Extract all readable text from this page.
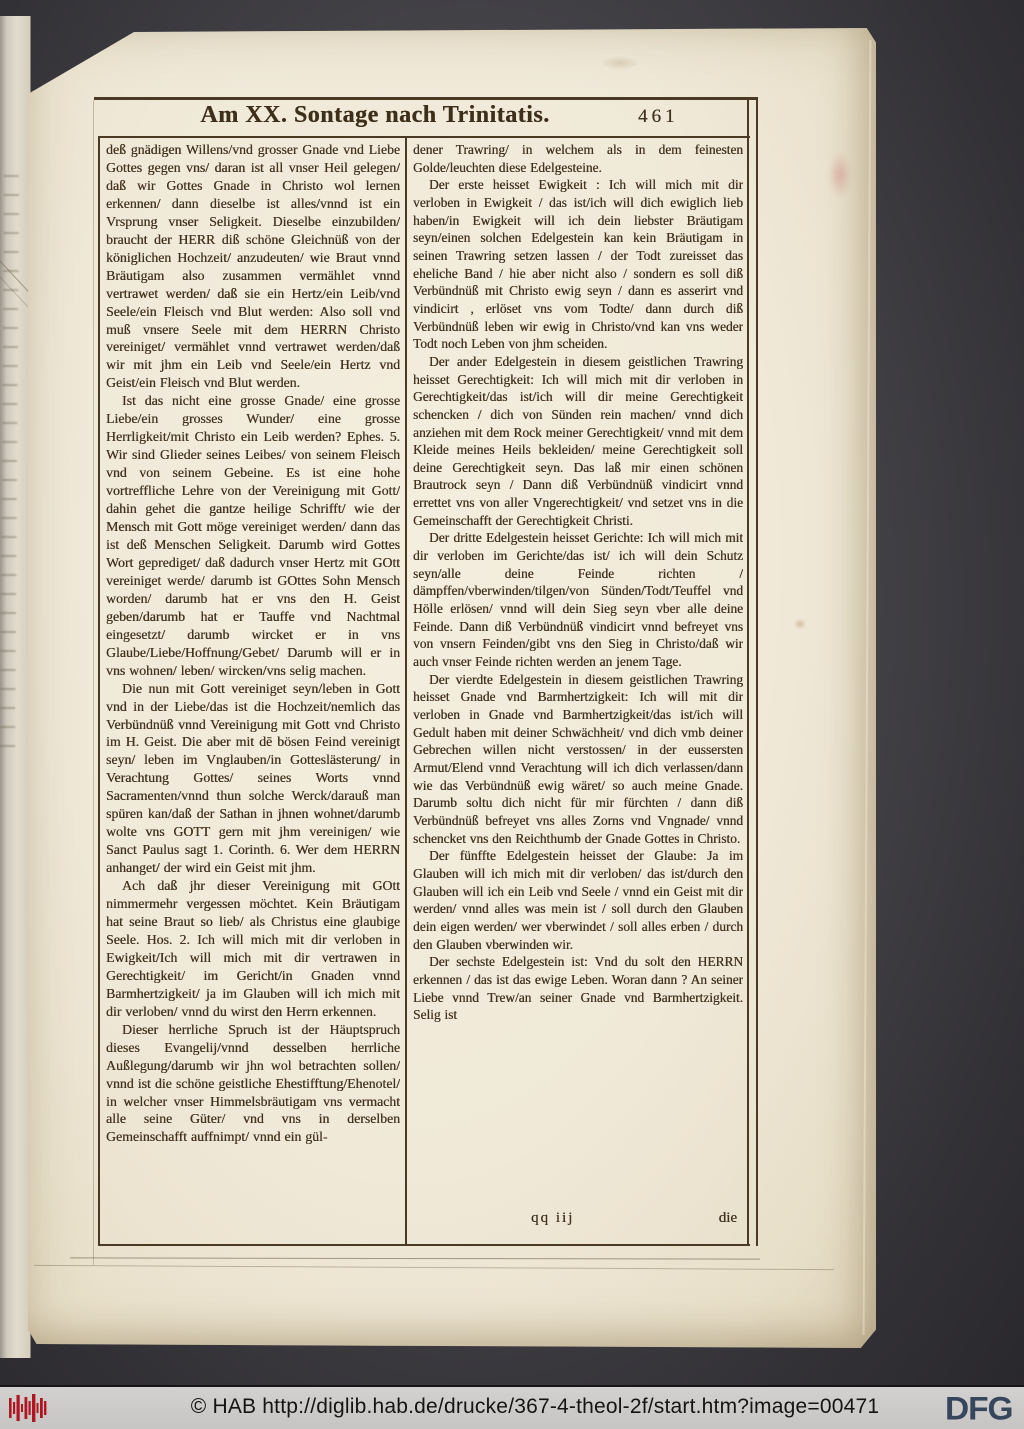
Am XX. Sontage nach Trinitatis.	461

deß gnädigen Willens/vnd grosser Gnade vnd Liebe Gottes gegen vns/ daran ist all vnser Heil gelegen/ daß wir Gottes Gnade in Christo wol lernen erkennen/ dann dieselbe ist alles/vnnd ist ein Vrsprung vnser Seligkeit. Dieselbe einzubilden/ braucht der HERR diß schöne Gleichnüß von der königlichen Hochzeit/ anzudeuten/ wie Braut vnnd Bräutigam also zusammen vermählet vnnd vertrawet werden/ daß sie ein Hertz/ein Leib/vnd Seele/ein Fleisch vnd Blut werden: Also soll vnd muß vnsere Seele mit dem HERRN Christo vereiniget/ vermählet vnnd vertrawet werden/daß wir mit jhm ein Leib vnd Seele/ein Hertz vnd Geist/ein Fleisch vnd Blut werden.

Ist das nicht eine grosse Gnade/ eine grosse Liebe/ein grosses Wunder/ eine grosse Herrligkeit/mit Christo ein Leib werden? Ephes. 5. Wir sind Glieder seines Leibes/ von seinem Fleisch vnd von seinem Gebeine. Es ist eine hohe vortreffliche Lehre von der Vereinigung mit Gott/ dahin gehet die gantze heilige Schrifft/ wie der Mensch mit Gott möge vereiniget werden/ dann das ist deß Menschen Seligkeit. Darumb wird Gottes Wort geprediget/ daß dadurch vnser Hertz mit GOtt vereiniget werde/ darumb ist GOttes Sohn Mensch worden/ darumb hat er vns den H. Geist geben/darumb hat er Tauffe vnd Nachtmal eingesetzt/ darumb wircket er in vns Glaube/Liebe/Hoffnung/Gebet/ Darumb will er in vns wohnen/ leben/ wircken/vns selig machen.

Die nun mit Gott vereiniget seyn/leben in Gott vnd in der Liebe/das ist die Hochzeit/nemlich das Verbündnüß vnnd Vereinigung mit Gott vnd Christo im H. Geist. Die aber mit dē bösen Feind vereinigt seyn/ leben im Vnglauben/in Gotteslästerung/ in Verachtung Gottes/ seines Worts vnnd Sacramenten/vnnd thun solche Werck/darauß man spüren kan/daß der Sathan in jhnen wohnet/darumb wolte vns GOTT gern mit jhm vereinigen/ wie Sanct Paulus sagt 1. Corinth. 6. Wer dem HERRN anhanget/ der wird ein Geist mit jhm.

Ach daß jhr dieser Vereinigung mit GOtt nimmermehr vergessen möchtet. Kein Bräutigam hat seine Braut so lieb/ als Christus eine glaubige Seele. Hos. 2. Ich will mich mit dir verloben in Ewigkeit/Ich will mich mit dir vertrawen in Gerechtigkeit/ im Gericht/in Gnaden vnnd Barmhertzigkeit/ ja im Glauben will ich mich mit dir verloben/ vnnd du wirst den Herrn erkennen.

Dieser herrliche Spruch ist der Häuptspruch dieses Evangelij/vnnd desselben herrliche Außlegung/darumb wir jhn wol betrachten sollen/ vnnd ist die schöne geistliche Ehestifftung/Ehenotel/ in welcher vnser Himmelsbräutigam vns vermacht alle seine Güter/ vnd vns in derselben Gemeinschafft auffnimpt/ vnnd ein gül-

dener Trawring/ in welchem als in dem feinesten Golde/leuchten diese Edelgesteine.

Der erste heisset Ewigkeit : Ich will mich mit dir verloben in Ewigkeit / das ist/ich will dich ewiglich lieb haben/in Ewigkeit will ich dein liebster Bräutigam seyn/einen solchen Edelgestein kan kein Bräutigam in seinen Trawring setzen lassen / der Todt zureisset das eheliche Band / hie aber nicht also / sondern es soll diß Verbündnüß mit Christo ewig seyn / dann es asserirt vnd vindicirt , erlöset vns vom Todte/ dann durch diß Verbündnüß leben wir ewig in Christo/vnd kan vns weder Todt noch Leben von jhm scheiden.

Der ander Edelgestein in diesem geistlichen Trawring heisset Gerechtigkeit: Ich will mich mit dir verloben in Gerechtigkeit/das ist/ich will dir meine Gerechtigkeit schencken / dich von Sünden rein machen/ vnnd dich anziehen mit dem Rock meiner Gerechtigkeit/ vnnd mit dem Kleide meines Heils bekleiden/ meine Gerechtigkeit soll deine Gerechtigkeit seyn. Das laß mir einen schönen Brautrock seyn / Dann diß Verbündnüß vindicirt vnnd errettet vns von aller Vngerechtigkeit/ vnd setzet vns in die Gemeinschafft der Gerechtigkeit Christi.

Der dritte Edelgestein heisset Gerichte: Ich will mich mit dir verloben im Gerichte/das ist/ ich will dein Schutz seyn/alle deine Feinde richten / dämpffen/vberwinden/tilgen/von Sünden/Todt/Teuffel vnd Hölle erlösen/ vnnd will dein Sieg seyn vber alle deine Feinde. Dann diß Verbündnüß vindicirt vnnd befreyet vns von vnsern Feinden/gibt vns den Sieg in Christo/daß wir auch vnser Feinde richten werden an jenem Tage.

Der vierdte Edelgestein in diesem geistlichen Trawring heisset Gnade vnd Barmhertzigkeit: Ich will mit dir verloben in Gnade vnd Barmhertzigkeit/das ist/ich will Gedult haben mit deiner Schwächheit/ vnd dich vmb deiner Gebrechen willen nicht verstossen/ in der eussersten Armut/Elend vnnd Verachtung will ich dich verlassen/dann wie das Verbündnüß ewig wäret/ so auch meine Gnade. Darumb soltu dich nicht für mir fürchten / dann diß Verbündnüß befreyet vns alles Zorns vnd Vngnade/ vnnd schencket vns den Reichthumb der Gnade Gottes in Christo.

Der fünffte Edelgestein heisset der Glaube: Ja im Glauben will ich mich mit dir verloben/ das ist/durch den Glauben will ich ein Leib vnd Seele / vnnd ein Geist mit dir werden/ vnnd alles was mein ist / soll durch den Glauben dein eigen werden/ wer vberwindet / soll alles erben / durch den Glauben vberwinden wir.

Der sechste Edelgestein ist: Vnd du solt den HERRN erkennen / das ist das ewige Leben. Woran dann ? An seiner Liebe vnnd Trew/an seiner Gnade vnd Barmhertzigkeit. Selig ist

qq iij	die
© HAB http://diglib.hab.de/drucke/367-4-theol-2f/start.htm?image=00471 DFG
